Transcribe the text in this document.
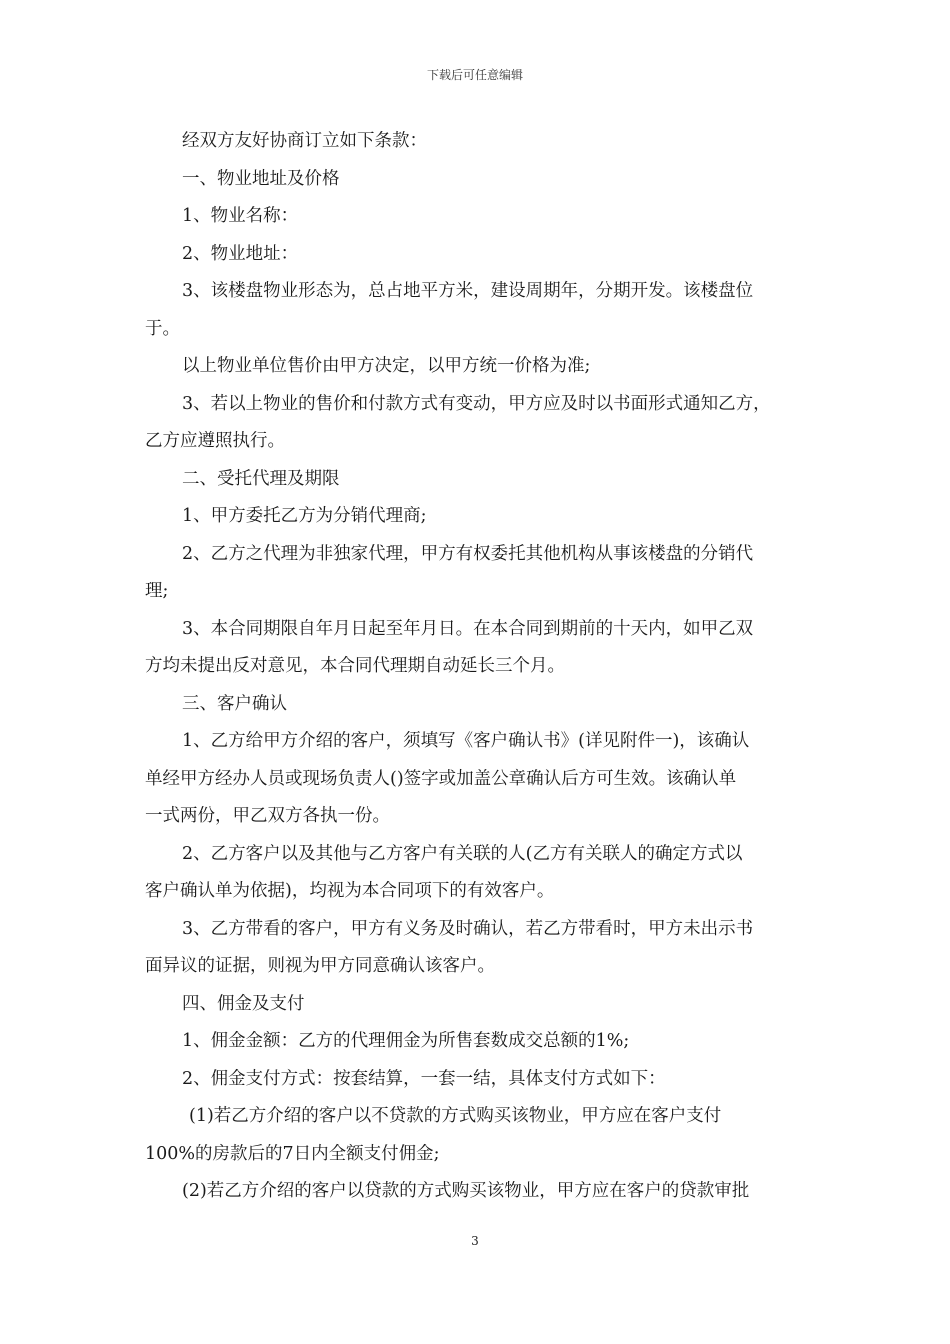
下载后可任意编辑

经双方友好协商订立如下条款：

一、物业地址及价格

1、物业名称：

2、物业地址：

3、该楼盘物业形态为，总占地平方米，建设周期年，分期开发。该楼盘位

于。

以上物业单位售价由甲方决定，以甲方统一价格为准;

3、若以上物业的售价和付款方式有变动，甲方应及时以书面形式通知乙方，

乙方应遵照执行。

二、受托代理及期限

1、甲方委托乙方为分销代理商;

2、乙方之代理为非独家代理，甲方有权委托其他机构从事该楼盘的分销代

理;

3、本合同期限自年月日起至年月日。在本合同到期前的十天内，如甲乙双

方均未提出反对意见，本合同代理期自动延长三个月。

三、客户确认

1、乙方给甲方介绍的客户，须填写《客户确认书》(详见附件一)，该确认

单经甲方经办人员或现场负责人()签字或加盖公章确认后方可生效。该确认单

一式两份，甲乙双方各执一份。

2、乙方客户以及其他与乙方客户有关联的人(乙方有关联人的确定方式以

客户确认单为依据)，均视为本合同项下的有效客户。

3、乙方带看的客户，甲方有义务及时确认，若乙方带看时，甲方未出示书

面异议的证据，则视为甲方同意确认该客户。

四、佣金及支付

1、佣金金额：乙方的代理佣金为所售套数成交总额的1%;

2、佣金支付方式：按套结算，一套一结，具体支付方式如下：

(1)若乙方介绍的客户以不贷款的方式购买该物业，甲方应在客户支付

100%的房款后的7日内全额支付佣金;

(2)若乙方介绍的客户以贷款的方式购买该物业，甲方应在客户的贷款审批

3
